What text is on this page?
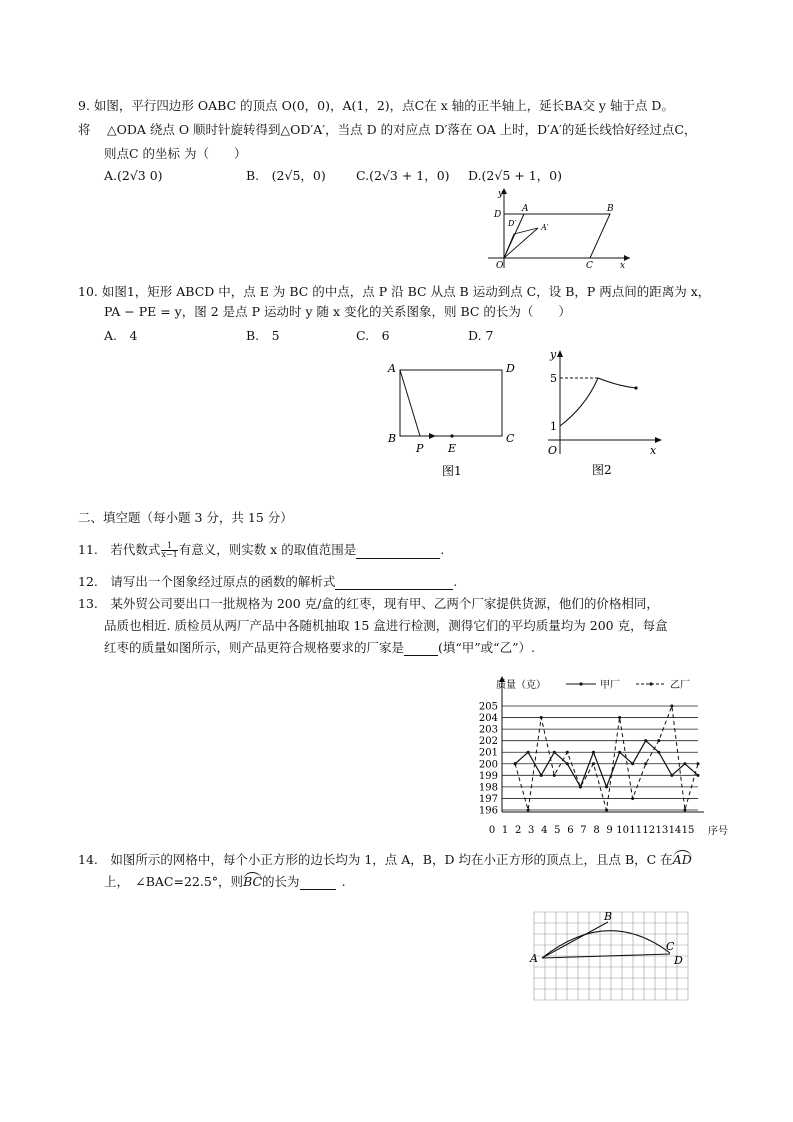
9. 如图，平行四边形 OABC 的顶点 O(0，0)，A(1，2)，点C在 x 轴的正半轴上，延长BA交 y 轴于点 D。
将　 △ODA 绕点 O 顺时针旋转得到△OD′A′，当点 D 的对应点 D′落在 OA 上时，D′A′的延长线恰好经过点C，
则点C 的坐标 为（　　）
A.(2√3 0)	B.　(2√5，0) C.(2√3 + 1，0) D.(2√5 + 1，0)
y
D
A	B
D′	A′
O	C	x
10. 如图1，矩形 ABCD 中，点 E 为 BC 的中点，点 P 沿 BC 从点 B 运动到点 C，设 B，P 两点间的距离为 x，
PA − PE = y，图 2 是点 P 运动时 y 随 x 变化的关系图象，则 BC 的长为（　　）
A.　4	B.　5	C.　6	D. 7
A	D
B	C
P E
图1
y
5
1
O	x
图2
二、填空题（每小题 3 分，共 15 分）
11.　若代数式 $\frac{1}{x-1}$ 有意义，则实数 x 的取值范围是	.
12.　请写出一个图象经过原点的函数的解析式	.
13.　某外贸公司要出口一批规格为 200 克/盒的红枣，现有甲、乙两个厂家提供货源，他们的价格相同，
品质也相近. 质检员从两厂产品中各随机抽取 15 盒进行检测，测得它们的平均质量均为 200 克，每盒
红枣的质量如图所示，则产品更符合规格要求的厂家是	(填“甲”或“乙”）.
196
197
198
199
200
201
202
203
204
205
0 1 2 3 4 5 6 7 8 9 10 11 12 13 14 15
质量（克）
序号
甲厂	乙厂
14.　如图所示的网格中，每个小正方形的边长均为 1，点 A，B，D 均在小正方形的顶点上，且点 B，C 在AD
上，　∠BAC=22.5°，则BC的长为	.
A
B
C
D
